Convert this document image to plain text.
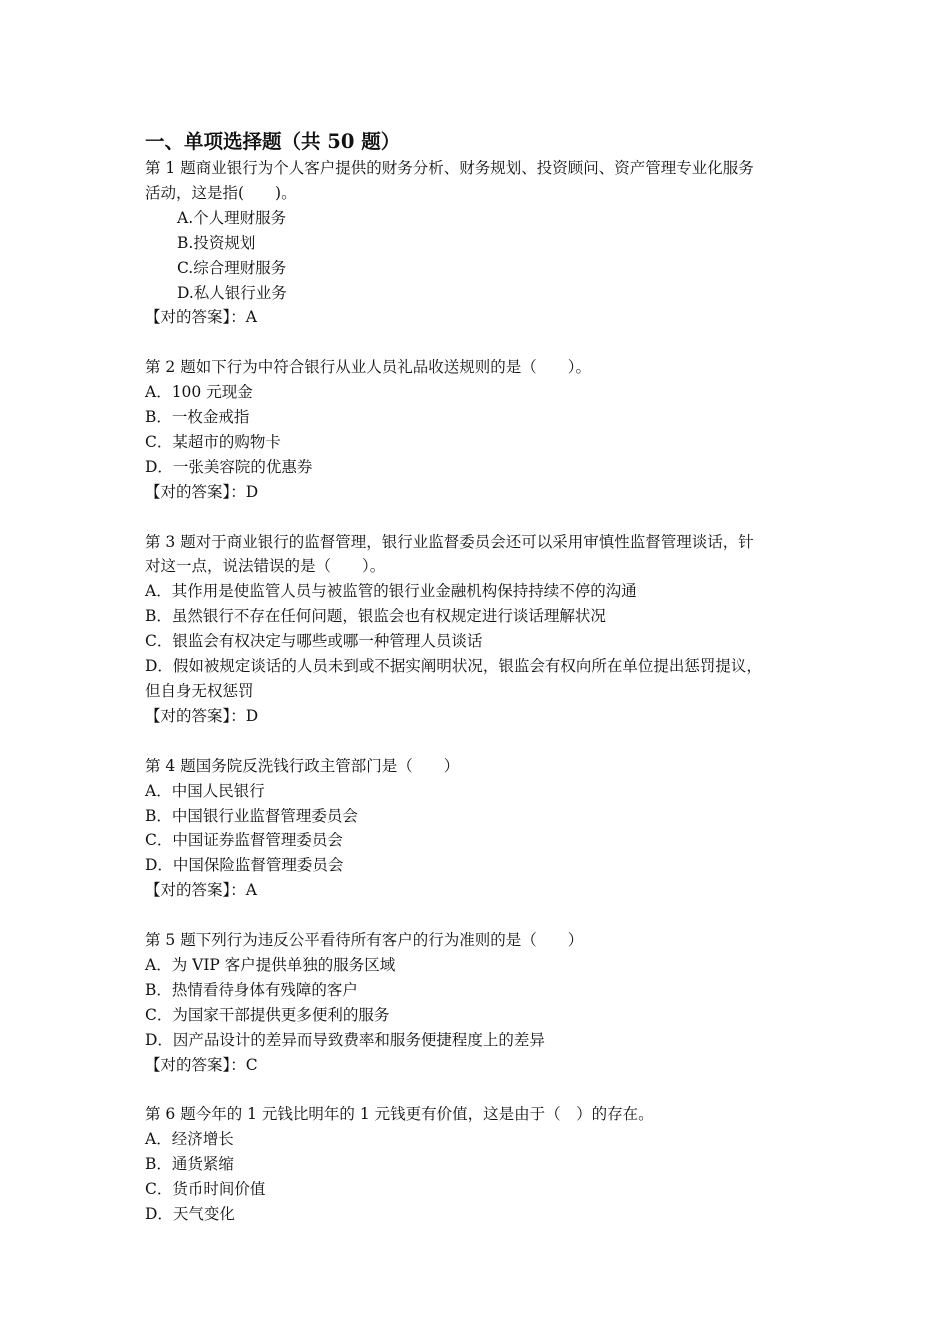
一、单项选择题（共 50 题）

第 1 题商业银行为个人客户提供的财务分析、财务规划、投资顾问、资产管理专业化服务

活动，这是指(　　)。

A.个人理财服务

B.投资规划

C.综合理财服务

D.私人银行业务

【对的答案】：A

第 2 题如下行为中符合银行从业人员礼品收送规则的是（　　）。

A．100 元现金

B．一枚金戒指

C．某超市的购物卡

D．一张美容院的优惠券

【对的答案】：D

第 3 题对于商业银行的监督管理，银行业监督委员会还可以采用审慎性监督管理谈话，针

对这一点，说法错误的是（　　）。

A．其作用是使监管人员与被监管的银行业金融机构保持持续不停的沟通

B．虽然银行不存在任何问题，银监会也有权规定进行谈话理解状况

C．银监会有权决定与哪些或哪一种管理人员谈话

D．假如被规定谈话的人员未到或不据实阐明状况，银监会有权向所在单位提出惩罚提议，

但自身无权惩罚

【对的答案】：D

第 4 题国务院反洗钱行政主管部门是（　　）

A．中国人民银行

B．中国银行业监督管理委员会

C．中国证券监督管理委员会

D．中国保险监督管理委员会

【对的答案】：A

第 5 题下列行为违反公平看待所有客户的行为准则的是（　　）

A．为 VIP 客户提供单独的服务区域

B．热情看待身体有残障的客户

C．为国家干部提供更多便利的服务

D．因产品设计的差异而导致费率和服务便捷程度上的差异

【对的答案】：C

第 6 题今年的 1 元钱比明年的 1 元钱更有价值，这是由于（　）的存在。

A．经济增长

B．通货紧缩

C．货币时间价值

D．天气变化
